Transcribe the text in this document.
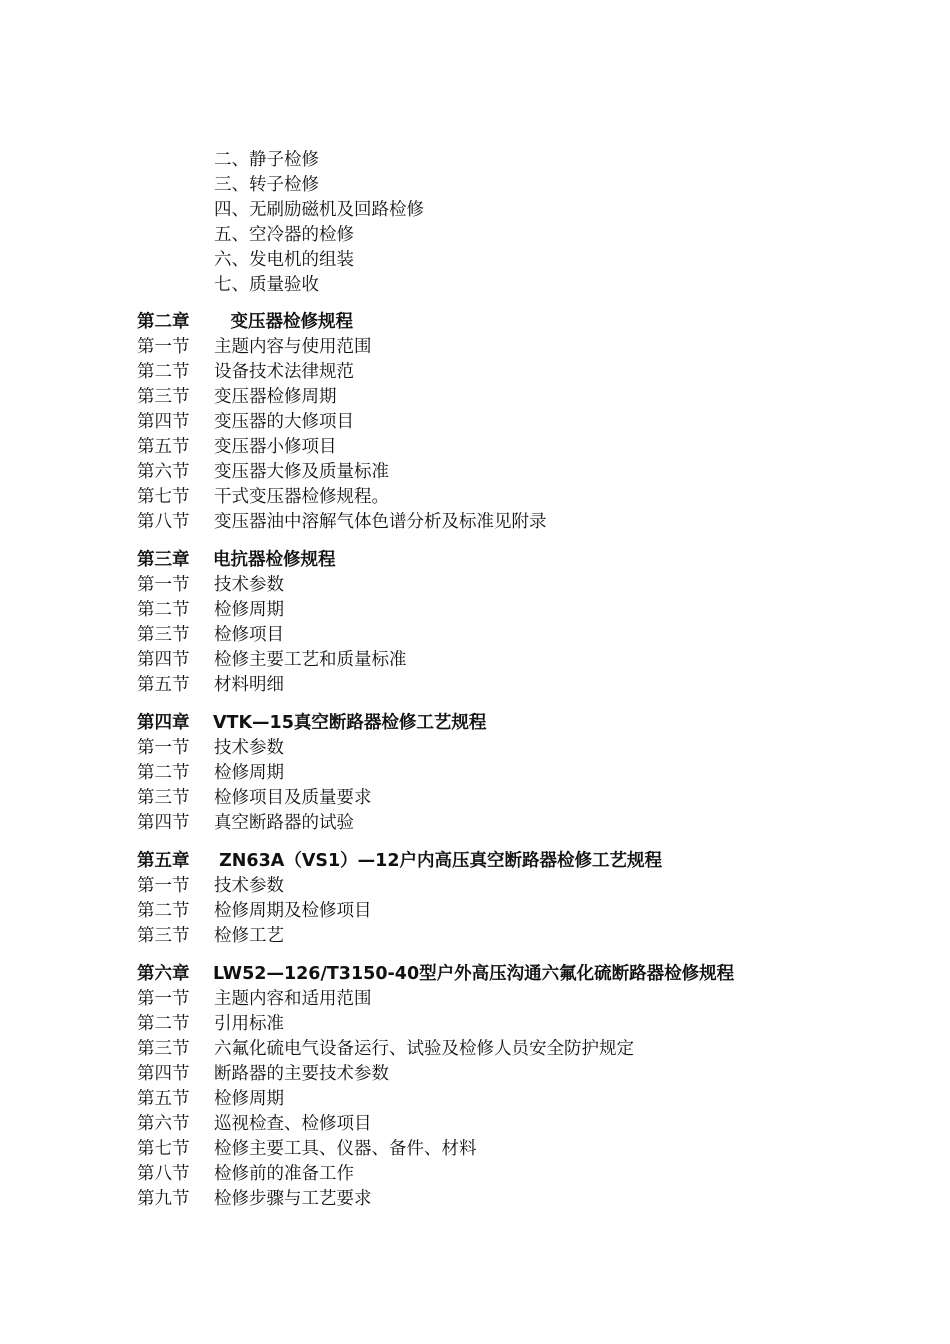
二、静子检修
三、转子检修
四、无刷励磁机及回路检修
五、空冷器的检修
六、发电机的组装
七、质量验收
第二章　变压器检修规程
第一节 主题内容与使用范围
第二节 设备技术法律规范
第三节 变压器检修周期
第四节 变压器的大修项目
第五节 变压器小修项目
第六节 变压器大修及质量标准
第七节 干式变压器检修规程。
第八节 变压器油中溶解气体色谱分析及标准见附录
第三章 电抗器检修规程
第一节 技术参数
第二节 检修周期
第三节 检修项目
第四节 检修主要工艺和质量标准
第五节 材料明细
第四章 VTK—15真空断路器检修工艺规程
第一节 技术参数
第二节 检修周期
第三节 检修项目及质量要求
第四节 真空断路器的试验
第五章 ZN63A（VS1）—12户内高压真空断路器检修工艺规程
第一节 技术参数
第二节 检修周期及检修项目
第三节 检修工艺
第六章 LW52—126/T3150-40型户外高压沟通六氟化硫断路器检修规程
第一节 主题内容和适用范围
第二节 引用标准
第三节 六氟化硫电气设备运行、试验及检修人员安全防护规定
第四节 断路器的主要技术参数
第五节 检修周期
第六节 巡视检查、检修项目
第七节 检修主要工具、仪器、备件、材料
第八节 检修前的准备工作
第九节 检修步骤与工艺要求
